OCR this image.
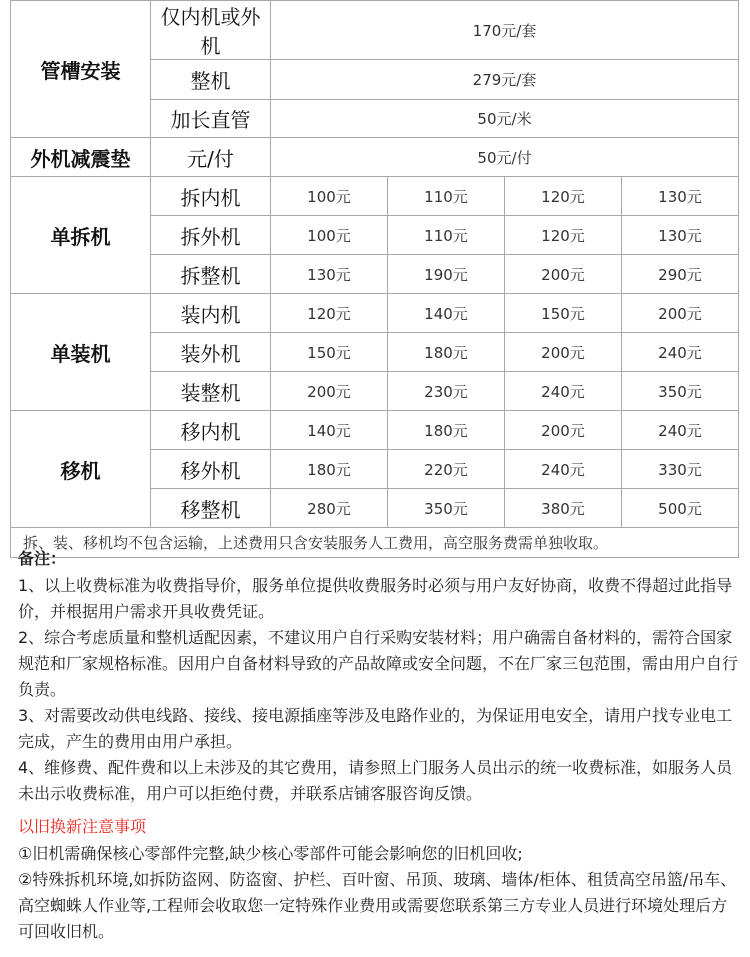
管槽安装	仅内机或外机	170元/套			
	整机	279元/套			
	加长直管	50元/米			
外机减震垫	元/付	50元/付			
单拆机	拆内机	100元	110元	120元	130元
	拆外机	100元	110元	120元	130元
	拆整机	130元	190元	200元	290元
单装机	装内机	120元	140元	150元	200元
	装外机	150元	180元	200元	240元
	装整机	200元	230元	240元	350元
移机	移内机	140元	180元	200元	240元
	移外机	180元	220元	240元	330元
	移整机	280元	350元	380元	500元
拆、装、移机均不包含运输，上述费用只含安装服务人工费用，高空服务费需单独收取。					
备注：

1、以上收费标准为收费指导价，服务单位提供收费服务时必须与用户友好协商，收费不得超过此指导价，并根据用户需求开具收费凭证。

2、综合考虑质量和整机适配因素，不建议用户自行采购安装材料；用户确需自备材料的，需符合国家规范和厂家规格标准。因用户自备材料导致的产品故障或安全问题，不在厂家三包范围，需由用户自行负责。

3、对需要改动供电线路、接线、接电源插座等涉及电路作业的，为保证用电安全，请用户找专业电工完成，产生的费用由用户承担。

4、维修费、配件费和以上未涉及的其它费用，请参照上门服务人员出示的统一收费标准，如服务人员未出示收费标准，用户可以拒绝付费，并联系店铺客服咨询反馈。

以旧换新注意事项

①旧机需确保核心零部件完整,缺少核心零部件可能会影响您的旧机回收;

②特殊拆机环境,如拆防盗网、防盗窗、护栏、百叶窗、吊顶、玻璃、墙体/柜体、租赁高空吊篮/吊车、高空蜘蛛人作业等,工程师会收取您一定特殊作业费用或需要您联系第三方专业人员进行环境处理后方可回收旧机。
